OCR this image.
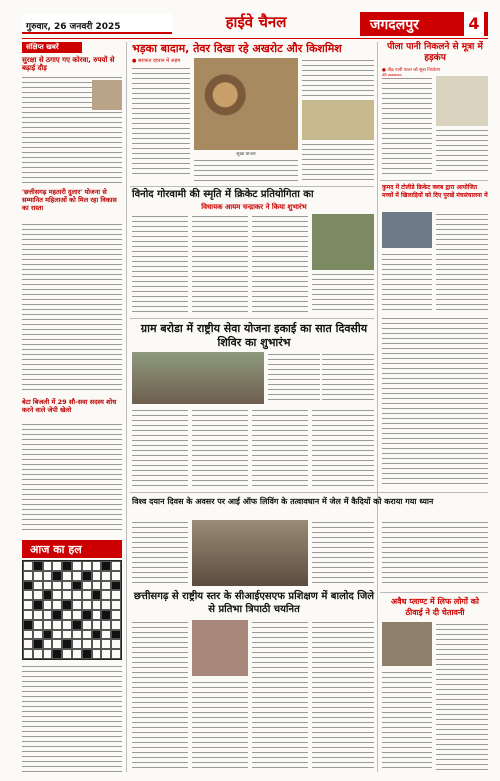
गुरुवार, 26 जनवरी 2025	हाईवे चैनल	जगदलपुर	4
संक्षिप्त खबरें
सुरक्षा से ठगाए गए कोरवा, रुपयों से बढ़ाई दौड़
'छत्तीसगढ़ महतारी दुलार' योजना से सम्मानित महिलाओं को मिल रहा विकास का रास्ता
बेटा बिजली में 29 सौ-सवा सदस्य शोध करने वाले जेपी खेलो
आज का हल
भड़का बादाम, तेवर दिखा रहे अखरोट और किशमिश
● सराफत रहतान में अहम
सूखा बाजार
विनोद गोरवामी की स्मृति में क्रिकेट प्रतियोगिता का
विधायक आयम चन्द्राकर ने किया शुभारंभ
ग्राम बरोडा में राष्ट्रीय सेवा योजना इकाई का सात दिवसीय शिविर का शुभारंभ
छत्तीसगढ़ से राष्ट्रीय स्तर के सीआईएसएफ प्रशिक्षण में बालोद जिले से प्रतिभा त्रिपाठी चयनित
पीला पानी निकलने से मूत्रा में हड़कंप
● तीव्र पानी पाला जो सूत्रा निर्धारण
कुमद में टोलीडे क्रिकेट क्लब द्वारा आयोजित मच्चों में खिलाड़ियों को दिए पुरखें मंचसंचालना में
विश्व दयान दिवस के अवसर पर आई ऑफ लिविंग के तत्वावधान में जेल में कैदियों को कराया गया ध्यान
अवैध प्लाण्ट में लिफ लोगों को ठीवाई ने दी चेतावनी
